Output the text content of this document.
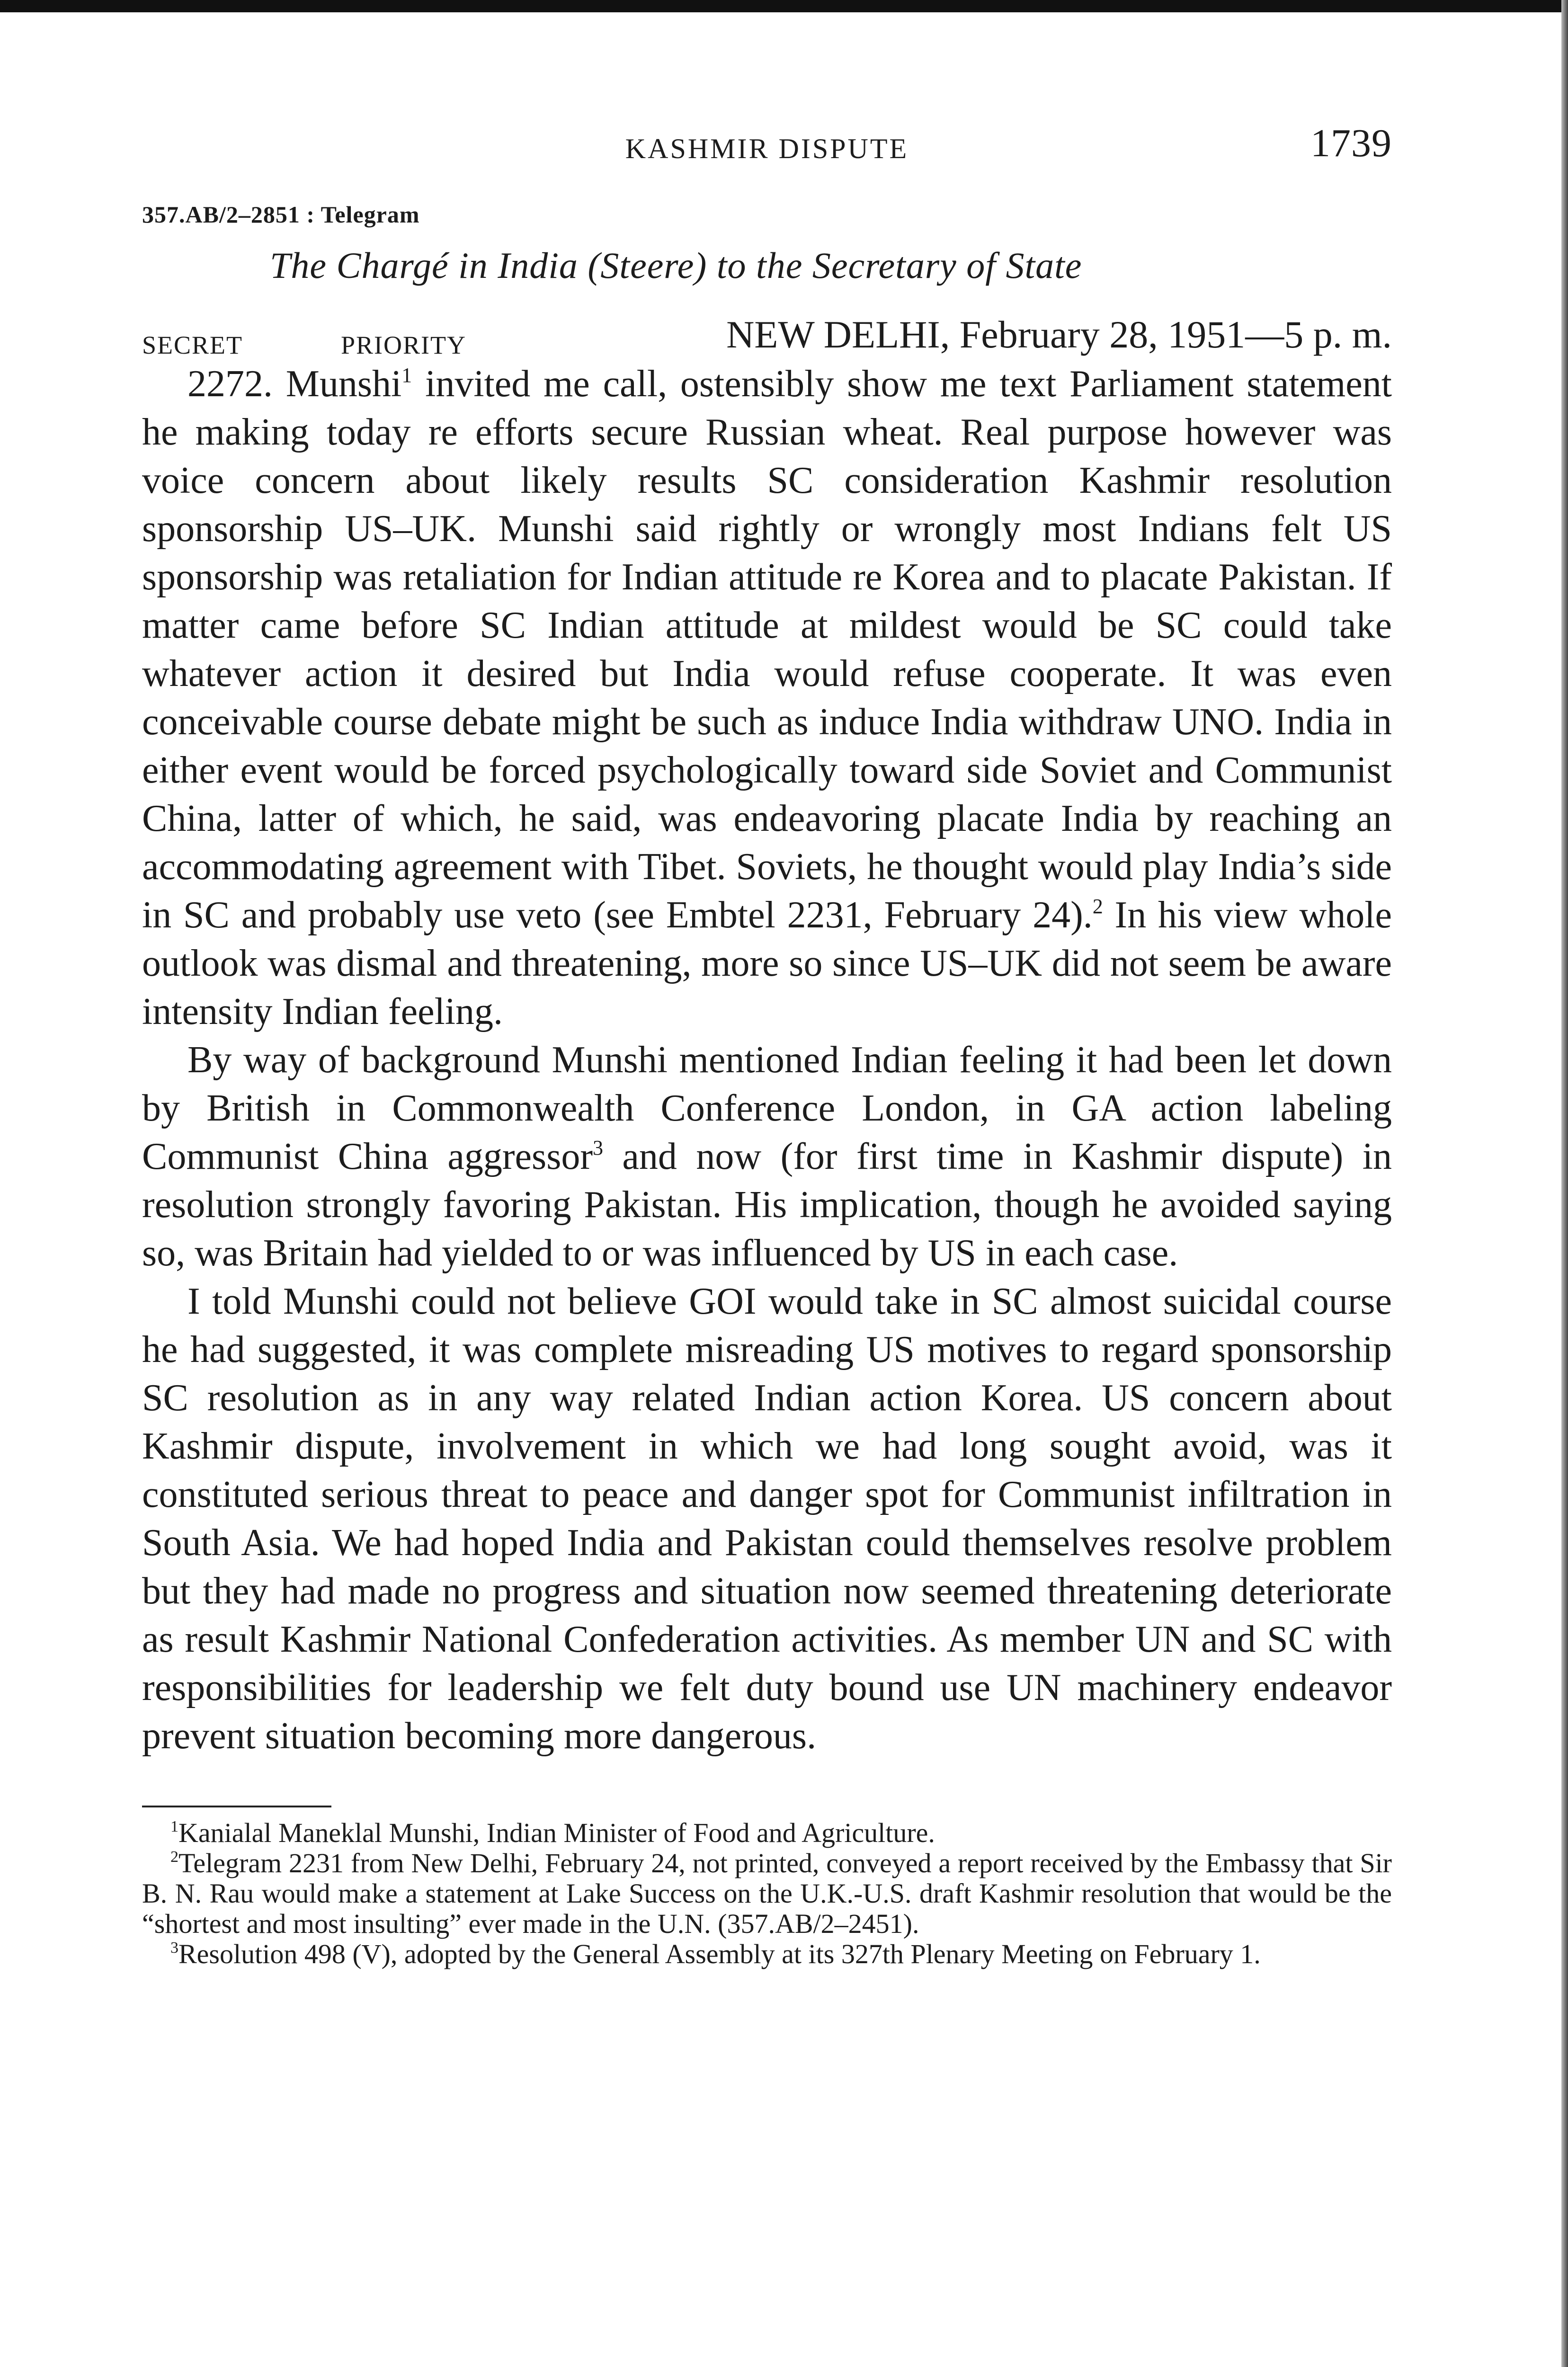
KASHMIR DISPUTE	1739
357.AB/2–2851 : Telegram
The Chargé in India (Steere) to the Secretary of State
SECRET	PRIORITY	NEW DELHI, February 28, 1951—5 p. m.

2272. Munshi$^1$ invited me call, ostensibly show me text Parliament statement he making today re efforts secure Russian wheat. Real purpose however was voice concern about likely results SC consideration Kashmir resolution sponsorship US–UK. Munshi said rightly or wrongly most Indians felt US sponsorship was retaliation for Indian attitude re Korea and to placate Pakistan. If matter came before SC Indian attitude at mildest would be SC could take whatever action it desired but India would refuse cooperate. It was even conceivable course debate might be such as induce India withdraw UNO. India in either event would be forced psychologically toward side Soviet and Communist China, latter of which, he said, was endeavoring placate India by reaching an accommodating agreement with Tibet. Soviets, he thought would play India’s side in SC and probably use veto (see Embtel 2231, February 24).$^2$ In his view whole outlook was dismal and threatening, more so since US–UK did not seem be aware intensity Indian feeling.

By way of background Munshi mentioned Indian feeling it had been let down by British in Commonwealth Conference London, in GA action labeling Communist China aggressor$^3$ and now (for first time in Kashmir dispute) in resolution strongly favoring Pakistan. His implication, though he avoided saying so, was Britain had yielded to or was influenced by US in each case.

I told Munshi could not believe GOI would take in SC almost suicidal course he had suggested, it was complete misreading US motives to regard sponsorship SC resolution as in any way related Indian action Korea. US concern about Kashmir dispute, involvement in which we had long sought avoid, was it constituted serious threat to peace and danger spot for Communist infiltration in South Asia. We had hoped India and Pakistan could themselves resolve problem but they had made no progress and situation now seemed threatening deteriorate as result Kashmir National Confederation activities. As member UN and SC with responsibilities for leadership we felt duty bound use UN machinery endeavor prevent situation becoming more dangerous.

$^1$Kanialal Maneklal Munshi, Indian Minister of Food and Agriculture.

$^2$Telegram 2231 from New Delhi, February 24, not printed, conveyed a report received by the Embassy that Sir B. N. Rau would make a statement at Lake Success on the U.K.-U.S. draft Kashmir resolution that would be the “shortest and most insulting” ever made in the U.N. (357.AB/2–2451).

$^3$Resolution 498 (V), adopted by the General Assembly at its 327th Plenary Meeting on February 1.
